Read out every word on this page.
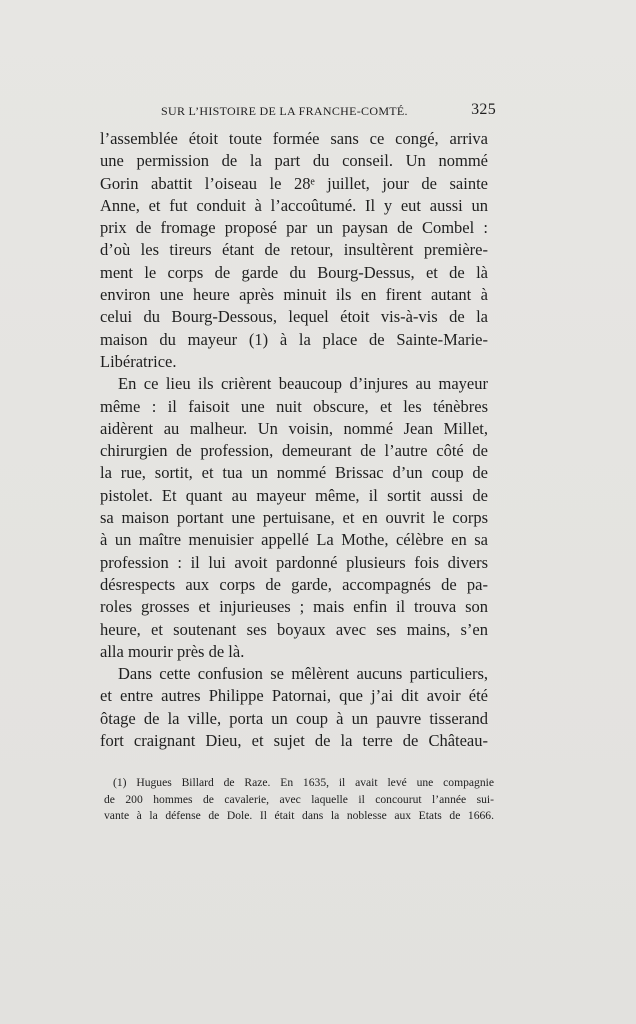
SUR L’HISTOIRE DE LA FRANCHE-COMTÉ.	325
l’assemblée étoit toute formée sans ce congé, arriva
une permission de la part du conseil. Un nommé
Gorin abattit l’oiseau le 28ᵉ juillet, jour de sainte
Anne, et fut conduit à l’accoûtumé. Il y eut aussi un
prix de fromage proposé par un paysan de Combel :
d’où les tireurs étant de retour, insultèrent première-
ment le corps de garde du Bourg-Dessus, et de là
environ une heure après minuit ils en firent autant à
celui du Bourg-Dessous, lequel étoit vis-à-vis de la
maison du mayeur (1) à la place de Sainte-Marie-
Libératrice.
En ce lieu ils crièrent beaucoup d’injures au mayeur
même : il faisoit une nuit obscure, et les ténèbres
aidèrent au malheur. Un voisin, nommé Jean Millet,
chirurgien de profession, demeurant de l’autre côté de
la rue, sortit, et tua un nommé Brissac d’un coup de
pistolet. Et quant au mayeur même, il sortit aussi de
sa maison portant une pertuisane, et en ouvrit le corps
à un maître menuisier appellé La Mothe, célèbre en sa
profession : il lui avoit pardonné plusieurs fois divers
désrespects aux corps de garde, accompagnés de pa-
roles grosses et injurieuses ; mais enfin il trouva son
heure, et soutenant ses boyaux avec ses mains, s’en
alla mourir près de là.
Dans cette confusion se mêlèrent aucuns particuliers,
et entre autres Philippe Patornai, que j’ai dit avoir été
ôtage de la ville, porta un coup à un pauvre tisserand
fort craignant Dieu, et sujet de la terre de Château-
(1) Hugues Billard de Raze. En 1635, il avait levé une compagnie
de 200 hommes de cavalerie, avec laquelle il concourut l’année sui-
vante à la défense de Dole. Il était dans la noblesse aux Etats de 1666.
